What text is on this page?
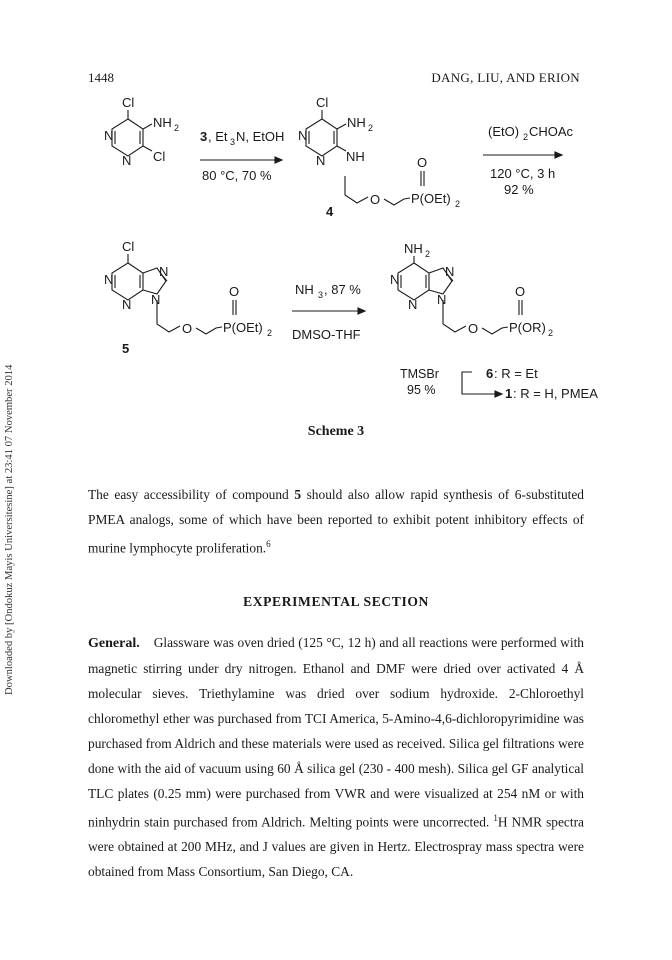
1448	DANG, LIU, AND ERION
Downloaded by [Ondokuz Mayis Universitesine] at 23:41 07 November 2014
Cl
NH 2
N
N Cl
3 , Et 3 N, EtOH
80 °C, 70 %
Cl
NH 2
N
N NH
O
O
P(OEt) 2
4
(EtO) 2 CHOAc
120 °C, 3 h
92 %
Cl
N
N
N
N
O
O
P(OEt) 2
5
NH 3 , 87 %
DMSO-THF
NH 2
N
N
N
N
O
O
P(OR) 2
TMSBr
95 %
6 : R = Et
1 : R = H, PMEA
Scheme 3

The easy accessibility of compound 5 should also allow rapid synthesis of 6-substituted PMEA analogs, some of which have been reported to exhibit potent inhibitory effects of murine lymphocyte proliferation.$^6$

EXPERIMENTAL SECTION

General. Glassware was oven dried (125 °C, 12 h) and all reactions were performed with magnetic stirring under dry nitrogen. Ethanol and DMF were dried over activated 4 Å molecular sieves. Triethylamine was dried over sodium hydroxide. 2-Chloroethyl chloromethyl ether was purchased from TCI America, 5-Amino-4,6-dichloropyrimidine was purchased from Aldrich and these materials were used as received. Silica gel filtrations were done with the aid of vacuum using 60 Å silica gel (230 - 400 mesh). Silica gel GF analytical TLC plates (0.25 mm) were purchased from VWR and were visualized at 254 nM or with ninhydrin stain purchased from Aldrich. Melting points were uncorrected. $^1$H NMR spectra were obtained at 200 MHz, and J values are given in Hertz. Electrospray mass spectra were obtained from Mass Consortium, San Diego, CA.
